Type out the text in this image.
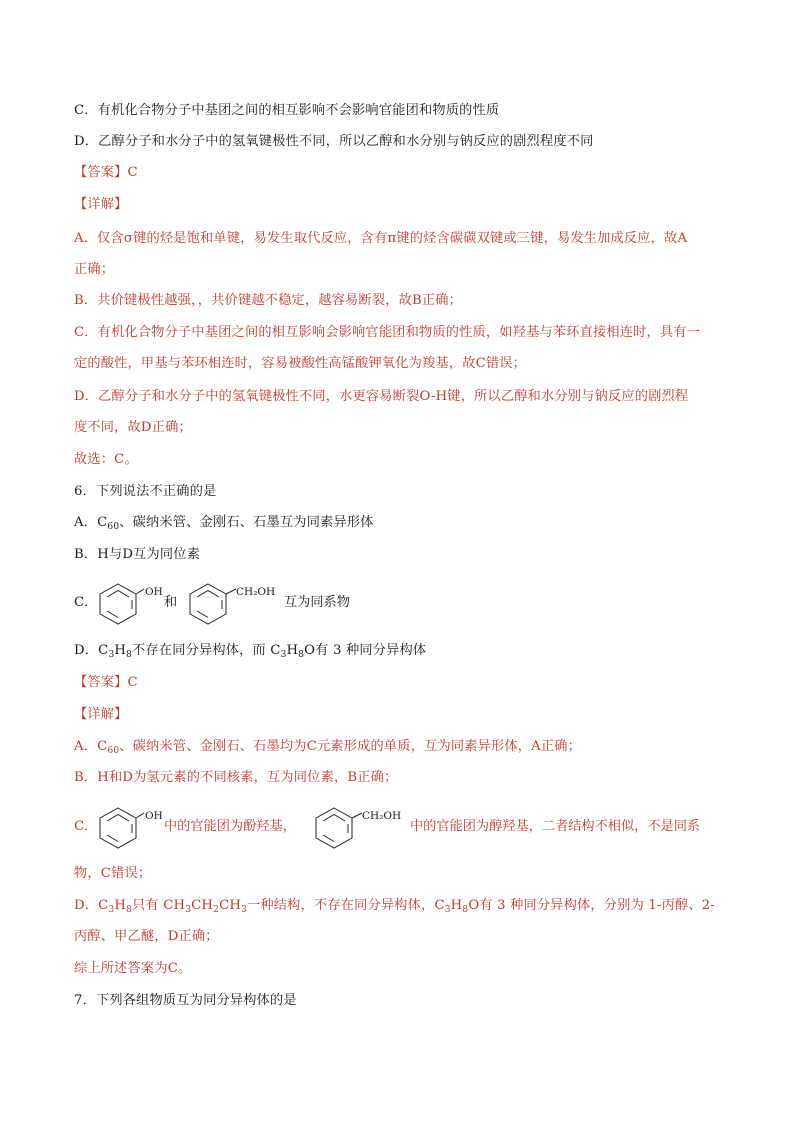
C．有机化合物分子中基团之间的相互影响不会影响官能团和物质的性质
D．乙醇分子和水分子中的氢氧键极性不同，所以乙醇和水分别与钠反应的剧烈程度不同
【答案】C
【详解】
A．仅含σ键的烃是饱和单键，易发生取代反应，含有π键的烃含碳碳双键或三键，易发生加成反应，故A
正确；
B．共价键极性越强，，共价键越不稳定，越容易断裂，故B正确；
C．有机化合物分子中基团之间的相互影响会影响官能团和物质的性质，如羟基与苯环直接相连时，具有一
定的酸性，甲基与苯环相连时，容易被酸性高锰酸钾氧化为羧基，故C错误；
D．乙醇分子和水分子中的氢氧键极性不同，水更容易断裂O-H键，所以乙醇和水分别与钠反应的剧烈程
度不同，故D正确；
故选：C。
6．下列说法不正确的是
A．$C_{60}$、碳纳米管、金刚石、石墨互为同素异形体
B．H与D互为同位素
C．
OH
和
CH₂OH
互为同系物
D．$C_3H_8$不存在同分异构体，而 $C_3H_8O$有 3 种同分异构体
【答案】C
【详解】
A．$C_{60}$、碳纳米管、金刚石、石墨均为C元素形成的单质，互为同素异形体，A正确；
B．H和D为氢元素的不同核素，互为同位素，B正确；
C．
OH
中的官能团为酚羟基，
CH₂OH
中的官能团为醇羟基，二者结构不相似，不是同系
物，C错误；
D．$C_3H_8$只有 $CH_3CH_2CH_3$一种结构，不存在同分异构体，$C_3H_8O$有 3 种同分异构体，分别为 1-丙醇、2-
丙醇、甲乙醚，D正确；
综上所述答案为C。
7．下列各组物质互为同分异构体的是
